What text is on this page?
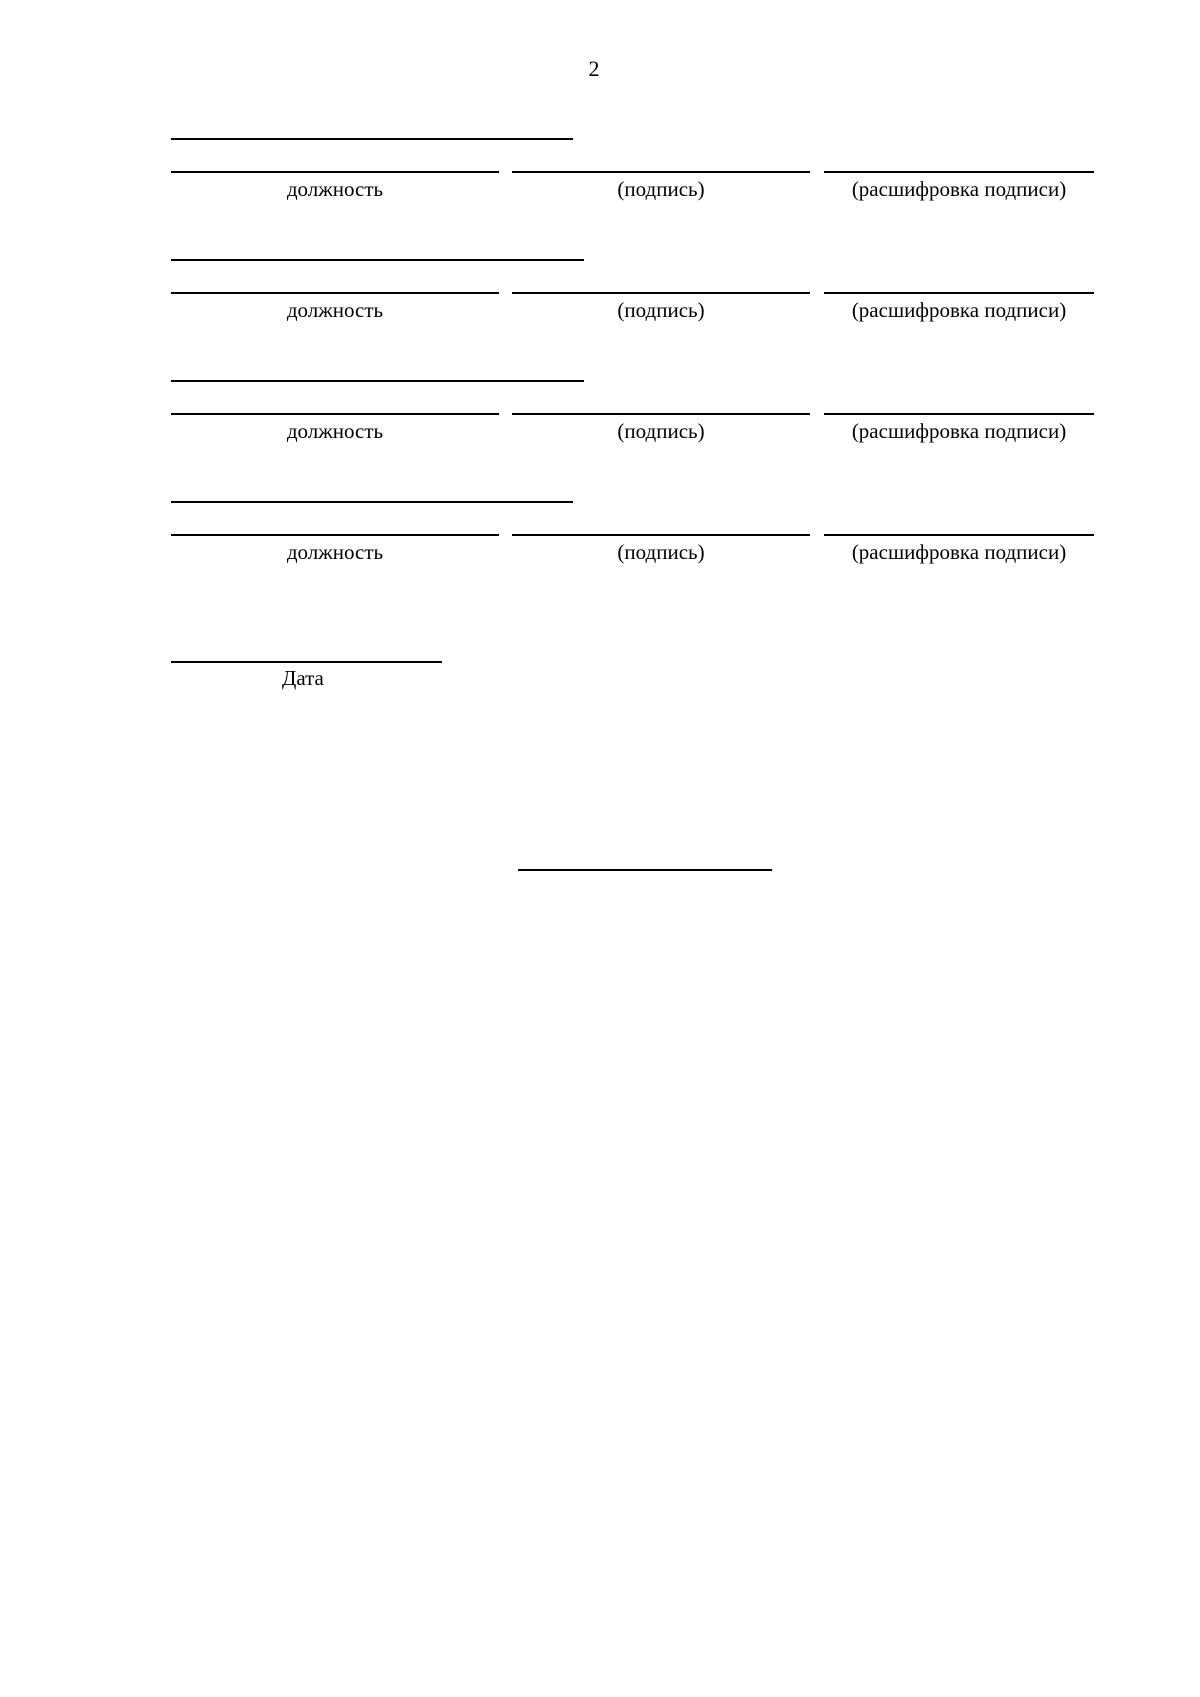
2
должность	(подпись)	(расшифровка подписи)
должность	(подпись)	(расшифровка подписи)
должность	(подпись)	(расшифровка подписи)
должность	(подпись)	(расшифровка подписи)
Дата
